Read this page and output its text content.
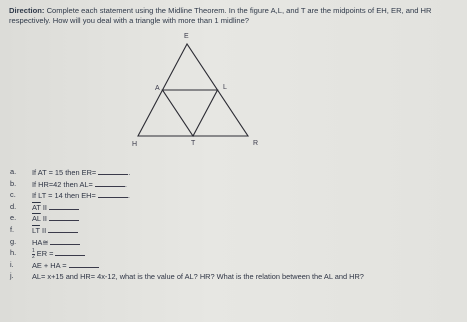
Direction: Complete each statement using the Midline Theorem. In the figure A,L, and T are the midpoints of EH, ER, and HR respectively. How will you deal with a triangle with more than 1 midline?
E
A	L
H	T	R
a.	If AT = 15 then ER=	.
b.	If HR=42 then AL=	.
c.	If LT = 14 then EH=	.
d.	$\overline{AT}$ II
e.	$\overline{AL}$ II
f.	$\overline{LT}$ II
g.	HA≅
h.	$\frac{1}{2}$ ER =
i.	AE + HA =
j.	AL= x+15 and HR= 4x-12, what is the value of AL? HR? What is the relation between the AL and HR?
